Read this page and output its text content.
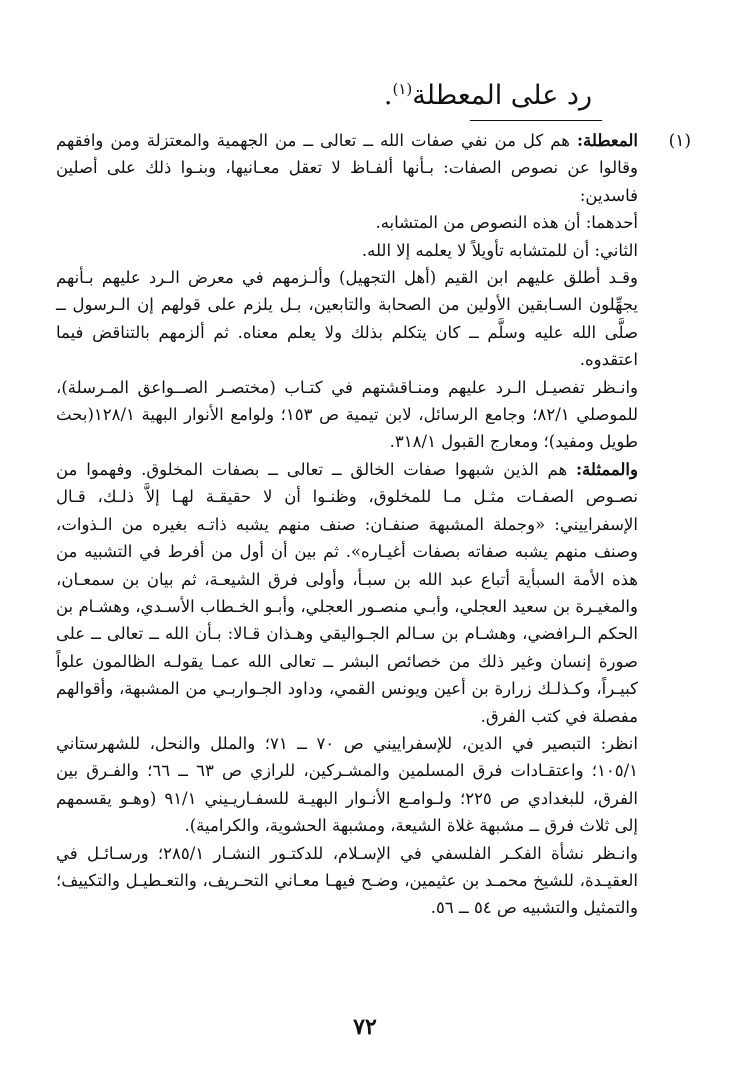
رد على المعطلة$^{(١)}$.
(١)

المعطلة: هم كل من نفي صفات الله ــ تعالى ــ من الجهمية والمعتزلة ومن وافقهم وقالوا عن نصوص الصفات: بـأنها ألفـاظ لا تعقل معـانيها، وبنـوا ذلك على أصلين فاسدين:

أحدهما: أن هذه النصوص من المتشابه.

الثاني: أن للمتشابه تأويلاً لا يعلمه إلا الله.

وقـد أطلق عليهم ابن القيم (أهل التجهيل) وألـزمهم في معرض الـرد عليهم بـأنهم يجهِّلون السـابقين الأولين من الصحابة والتابعين، بـل يلزم على قولهم إن الـرسول ــ صلَّى الله عليه وسلَّم ــ كان يتكلم بذلك ولا يعلم معناه. ثم ألزمهم بالتناقض فيما اعتقدوه.

وانـظر تفصيـل الـرد عليهم ومنـاقشتهم في كتـاب (مختصـر الصــواعق المـرسلة)، للموصلي ٨٢/١؛ وجامع الرسائل، لابن تيمية ص ١٥٣؛ ولوامع الأنوار البهية ١٢٨/١(بحث طويل ومفيد)؛ ومعارج القبول ٣١٨/١.

والممثلة: هم الذين شبهوا صفات الخالق ــ تعالى ــ بصفات المخلوق. وفهموا من نصـوص الصفـات مثـل مـا للمخلوق، وظنـوا أن لا حقيقـة لهـا إلاَّ ذلـك، قـال الإسفراييني: «وجملة المشبهة صنفـان: صنف منهم يشبه ذاتـه بغيره من الـذوات، وصنف منهم يشبه صفاته بصفات أغيـاره». ثم بين أن أول من أفرط في التشبيه من هذه الأمة السبأية أتباع عبد الله بن سبـأ، وأولى فرق الشيعـة، ثم بيان بن سمعـان، والمغيـرة بن سعيد العجلي، وأبـي منصـور العجلي، وأبـو الخـطاب الأسـدي، وهشـام بن الحكم الـرافضي، وهشـام بن سـالم الجـواليقي وهـذان قـالا: بـأن الله ــ تعالى ــ على صورة إنسان وغير ذلك من خصائص البشر ــ تعالى الله عمـا يقولـه الظالمون علواً كبيـراً، وكـذلـك زرارة بن أعين ويونس القمي، وداود الجـواربـي من المشبهة، وأقوالهم مفصلة في كتب الفرق.

انظر: التبصير في الدين، للإسفراييني ص ٧٠ ــ ٧١؛ والملل والنحل، للشهرستاني ١٠٥/١؛ واعتقـادات فرق المسلمين والمشـركين، للرازي ص ٦٣ ــ ٦٦؛ والفـرق بين الفرق، للبغدادي ص ٢٢٥؛ ولـوامـع الأنـوار البهيـة للسفـاريـيني ٩١/١ (وهـو يقسمهم إلى ثلاث فرق ــ مشبهة غلاة الشيعة، ومشبهة الحشوية، والكرامية).

وانـظر نشأة الفكـر الفلسفي في الإسـلام، للدكتـور النشـار ٢٨٥/١؛ ورسـائـل في العقيـدة، للشيخ محمـد بن عثيمين، وضـح فيهـا معـاني التحـريف، والتعـطيـل والتكييف؛ والتمثيل والتشبيه ص ٥٤ ــ ٥٦.

٧٢
